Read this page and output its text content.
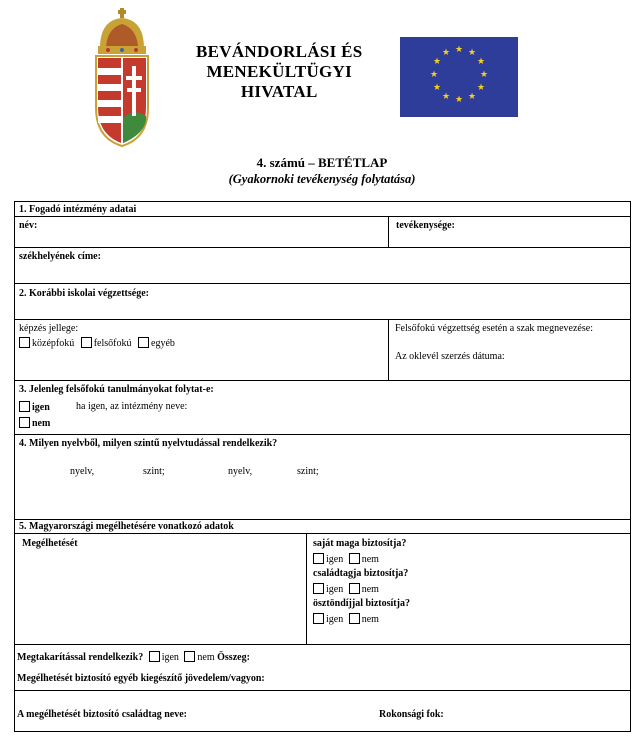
BEVÁNDORLÁSI ÉS
MENEKÜLTÜGYI
HIVATAL
★ ★
★
★
★
★
★
★
★
★
★
★
4. számú – BETÉTLAP
(Gyakornoki tevékenység folytatása)
1. Fogadó intézmény adatai
név:	tevékenysége:
székhelyének címe:
2. Korábbi iskolai végzettsége:
képzés jellege:
középfokú felsőfokú egyéb
Felsőfokú végzettség esetén a szak megnevezése:
Az oklevél szerzés dátuma:
3. Jelenleg felsőfokú tanulmányokat folytat-e:
igen	ha igen, az intézmény neve:
nem
4. Milyen nyelvből, milyen szintű nyelvtudással rendelkezik?
nyelv,	szint;	nyelv,	szint;
5. Magyarországi megélhetésére vonatkozó adatok
Megélhetését	saját maga biztosítja?
igen nem
családtagja biztosítja?
igen nem
ösztöndíjjal biztosítja?
igen nem
Megtakarítással rendelkezik? igen nem Összeg:
Megélhetését biztosító egyéb kiegészítő jövedelem/vagyon:
A megélhetését biztosító családtag neve:	Rokonsági fok:
